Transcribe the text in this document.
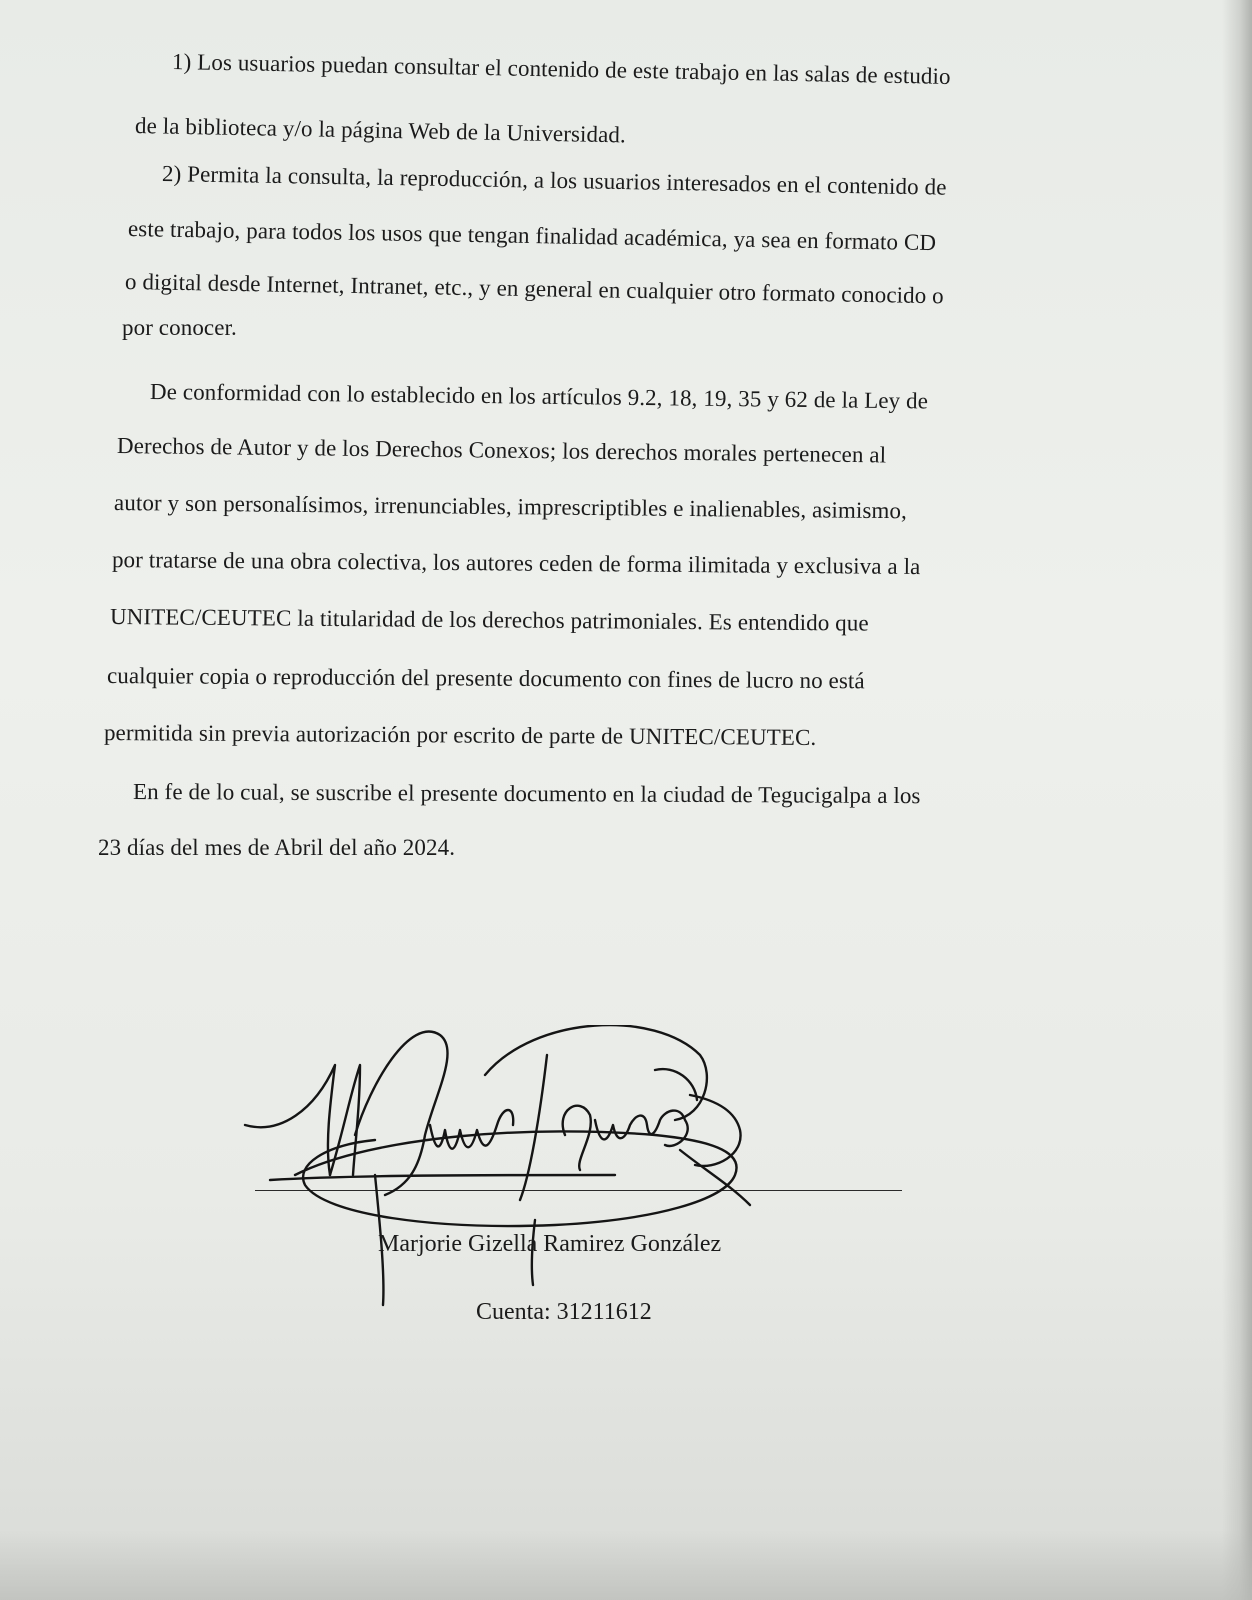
1) Los usuarios puedan consultar el contenido de este trabajo en las salas de estudio
de la biblioteca y/o la página Web de la Universidad.
2) Permita la consulta, la reproducción, a los usuarios interesados en el contenido de
este trabajo, para todos los usos que tengan finalidad académica, ya sea en formato CD
o digital desde Internet, Intranet, etc., y en general en cualquier otro formato conocido o
por conocer.
De conformidad con lo establecido en los artículos 9.2, 18, 19, 35 y 62 de la Ley de
Derechos de Autor y de los Derechos Conexos; los derechos morales pertenecen al
autor y son personalísimos, irrenunciables, imprescriptibles e inalienables, asimismo,
por tratarse de una obra colectiva, los autores ceden de forma ilimitada y exclusiva a la
UNITEC/CEUTEC la titularidad de los derechos patrimoniales. Es entendido que
cualquier copia o reproducción del presente documento con fines de lucro no está
permitida sin previa autorización por escrito de parte de UNITEC/CEUTEC.
En fe de lo cual, se suscribe el presente documento en la ciudad de Tegucigalpa a los
23 días del mes de Abril del año 2024.
Marjorie Gizella Ramirez González
Cuenta: 31211612
